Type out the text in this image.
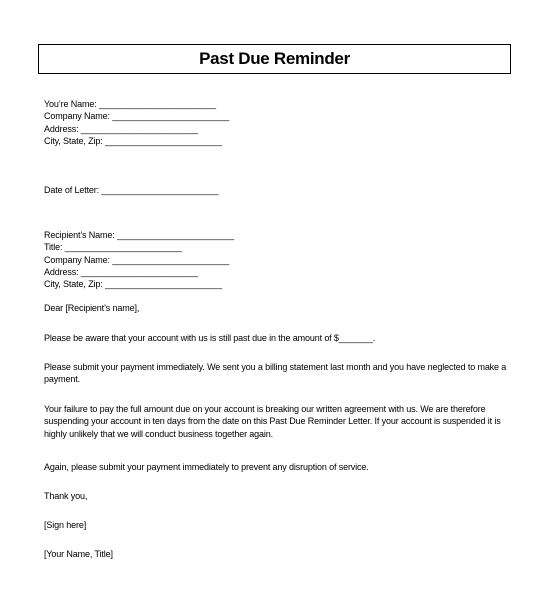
Past Due Reminder
You’re Name: ________________________
Company Name: ________________________
Address: ________________________
City, State, Zip: ________________________
Date of Letter: ________________________
Recipient’s Name: ________________________
Title: ________________________
Company Name: ________________________
Address: ________________________
City, State, Zip: ________________________
Dear [Recipient’s name],
Please be aware that your account with us is still past due in the amount of $_______.
Please submit your payment immediately. We sent you a billing statement last month and you have neglected to make a payment.
Your failure to pay the full amount due on your account is breaking our written agreement with us. We are therefore suspending your account in ten days from the date on this Past Due Reminder Letter. If your account is suspended it is highly unlikely that we will conduct business together again.
Again, please submit your payment immediately to prevent any disruption of service.
Thank you,
[Sign here]
[Your Name, Title]
